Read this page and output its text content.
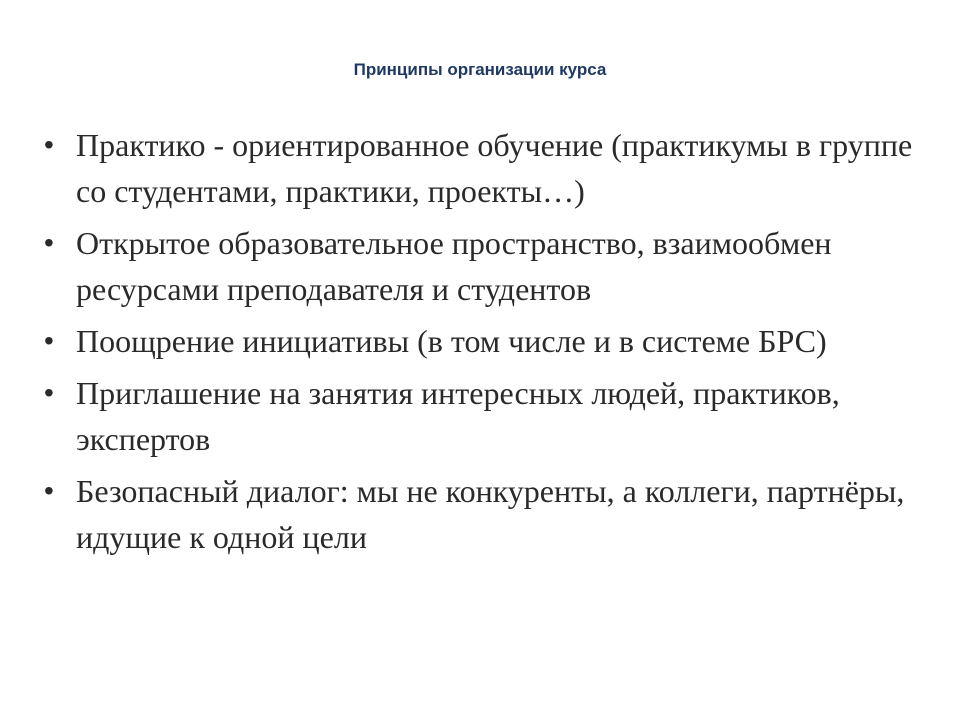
Принципы организации курса
• Практико - ориентированное обучение (практикумы в группе со студентами, практики, проекты…)
• Открытое образовательное пространство, взаимообмен ресурсами преподавателя и студентов
• Поощрение инициативы (в том числе и в системе БРС)
• Приглашение на занятия интересных людей, практиков, экспертов
• Безопасный диалог: мы не конкуренты, а коллеги, партнёры, идущие к одной цели
